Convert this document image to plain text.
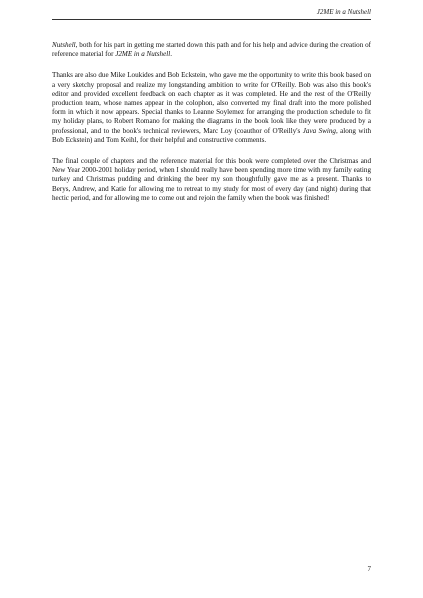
J2ME in a Nutshell

Nutshell, both for his part in getting me started down this path and for his help and advice during the creation of reference material for J2ME in a Nutshell.

Thanks are also due Mike Loukides and Bob Eckstein, who gave me the opportunity to write this book based on a very sketchy proposal and realize my longstanding ambition to write for O'Reilly. Bob was also this book's editor and provided excellent feedback on each chapter as it was completed. He and the rest of the O'Reilly production team, whose names appear in the colophon, also converted my final draft into the more polished form in which it now appears. Special thanks to Leanne Soylemez for arranging the production schedule to fit my holiday plans, to Robert Romano for making the diagrams in the book look like they were produced by a professional, and to the book's technical reviewers, Marc Loy (coauthor of O'Reilly's Java Swing, along with Bob Eckstein) and Tom Keihl, for their helpful and constructive comments.

The final couple of chapters and the reference material for this book were completed over the Christmas and New Year 2000-2001 holiday period, when I should really have been spending more time with my family eating turkey and Christmas pudding and drinking the beer my son thoughtfully gave me as a present. Thanks to Berys, Andrew, and Katie for allowing me to retreat to my study for most of every day (and night) during that hectic period, and for allowing me to come out and rejoin the family when the book was finished!

7
